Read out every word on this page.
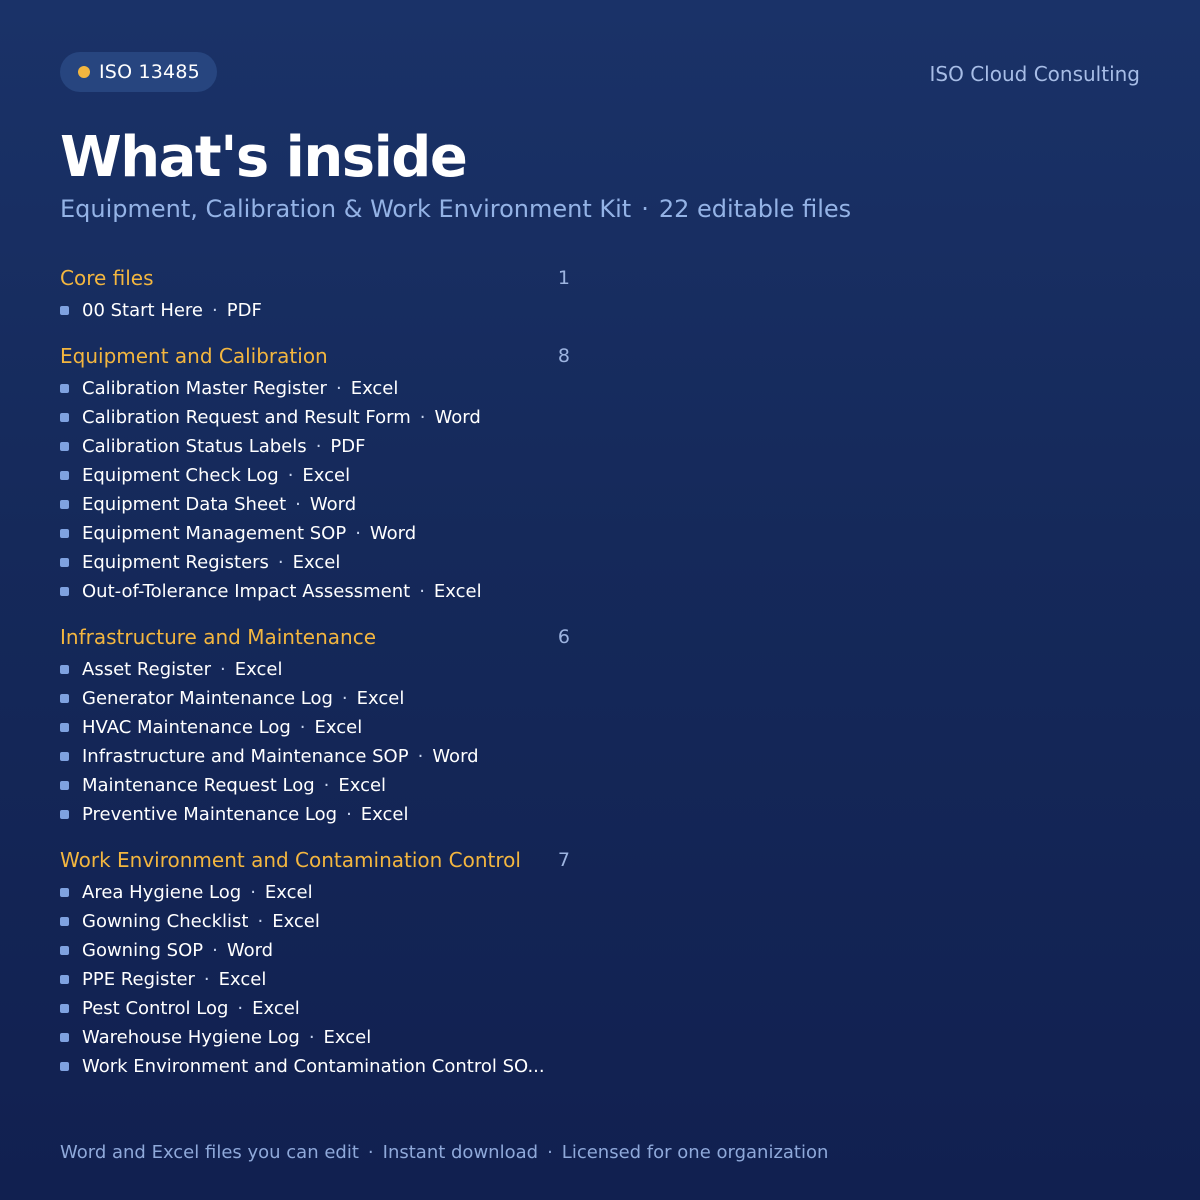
ISO 13485	ISO Cloud Consulting
What's inside
Equipment, Calibration & Work Environment Kit · 22 editable files
Core files	1
00 Start Here · PDF
Equipment and Calibration	8
Calibration Master Register · Excel
Calibration Request and Result Form · Word
Calibration Status Labels · PDF
Equipment Check Log · Excel
Equipment Data Sheet · Word
Equipment Management SOP · Word
Equipment Registers · Excel
Out-of-Tolerance Impact Assessment · Excel
Infrastructure and Maintenance	6
Asset Register · Excel
Generator Maintenance Log · Excel
HVAC Maintenance Log · Excel
Infrastructure and Maintenance SOP · Word
Maintenance Request Log · Excel
Preventive Maintenance Log · Excel
Work Environment and Contamination Control 7
Area Hygiene Log · Excel
Gowning Checklist · Excel
Gowning SOP · Word
PPE Register · Excel
Pest Control Log · Excel
Warehouse Hygiene Log · Excel
Work Environment and Contamination Control SO...
Word and Excel files you can edit · Instant download · Licensed for one organization
